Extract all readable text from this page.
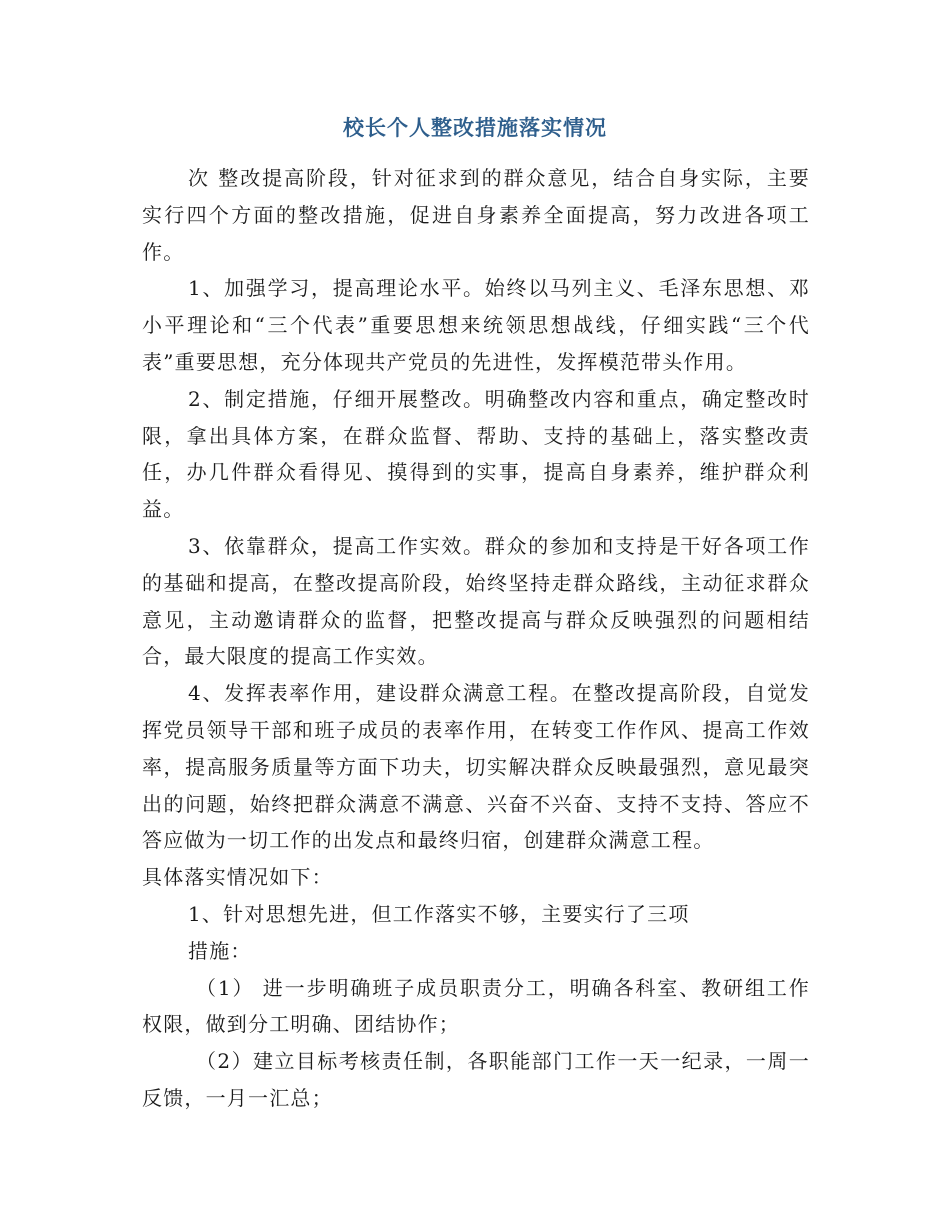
校长个人整改措施落实情况

次 整改提高阶段，针对征求到的群众意见，结合自身实际，主要实行四个方面的整改措施，促进自身素养全面提高，努力改进各项工作。

1、加强学习，提高理论水平。始终以马列主义、毛泽东思想、邓小平理论和“三个代表”重要思想来统领思想战线，仔细实践“三个代表”重要思想，充分体现共产党员的先进性，发挥模范带头作用。

2、制定措施，仔细开展整改。明确整改内容和重点，确定整改时限，拿出具体方案，在群众监督、帮助、支持的基础上，落实整改责任，办几件群众看得见、摸得到的实事，提高自身素养，维护群众利益。

3、依靠群众，提高工作实效。群众的参加和支持是干好各项工作的基础和提高，在整改提高阶段，始终坚持走群众路线，主动征求群众意见，主动邀请群众的监督，把整改提高与群众反映强烈的问题相结合，最大限度的提高工作实效。

4、发挥表率作用，建设群众满意工程。在整改提高阶段，自觉发挥党员领导干部和班子成员的表率作用，在转变工作作风、提高工作效率，提高服务质量等方面下功夫，切实解决群众反映最强烈，意见最突出的问题，始终把群众满意不满意、兴奋不兴奋、支持不支持、答应不答应做为一切工作的出发点和最终归宿，创建群众满意工程。

具体落实情况如下：

1、针对思想先进，但工作落实不够，主要实行了三项

措施：

（1） 进一步明确班子成员职责分工，明确各科室、教研组工作权限，做到分工明确、团结协作；

（2）建立目标考核责任制，各职能部门工作一天一纪录，一周一反馈，一月一汇总；
